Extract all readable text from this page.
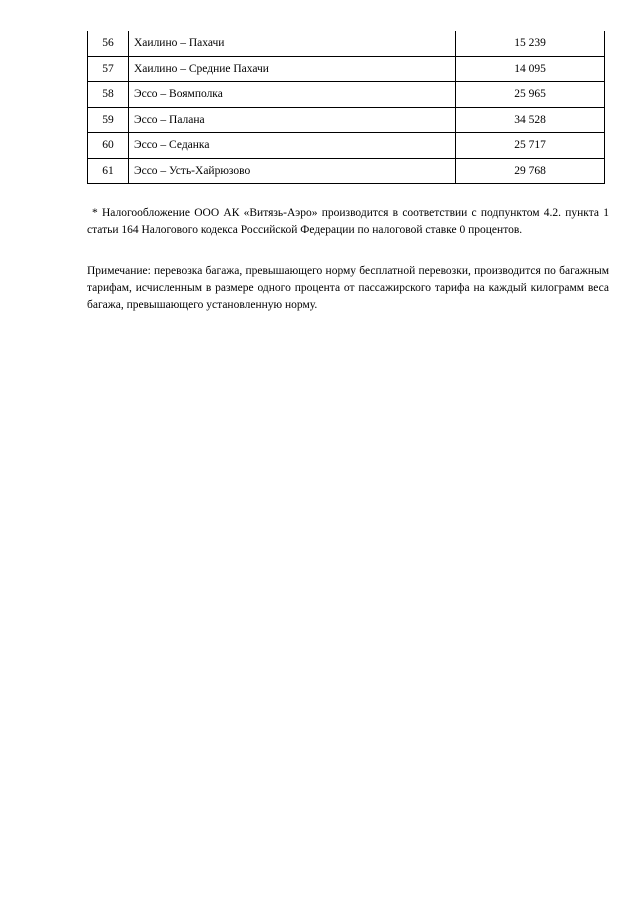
56	Хаилино – Пахачи	15 239
57	Хаилино – Средние Пахачи	14 095
58	Эссо – Воямполка	25 965
59	Эссо – Палана	34 528
60	Эссо – Седанка	25 717
61	Эссо – Усть-Хайрюзово	29 768

* Налогообложение ООО АК «Витязь-Аэро» производится в соответствии с подпунктом 4.2. пункта 1 статьи 164 Налогового кодекса Российской Федерации по налоговой ставке 0 процентов.

Примечание: перевозка багажа, превышающего норму бесплатной перевозки, производится по багажным тарифам, исчисленным в размере одного процента от пассажирского тарифа на каждый килограмм веса багажа, превышающего установленную норму.
